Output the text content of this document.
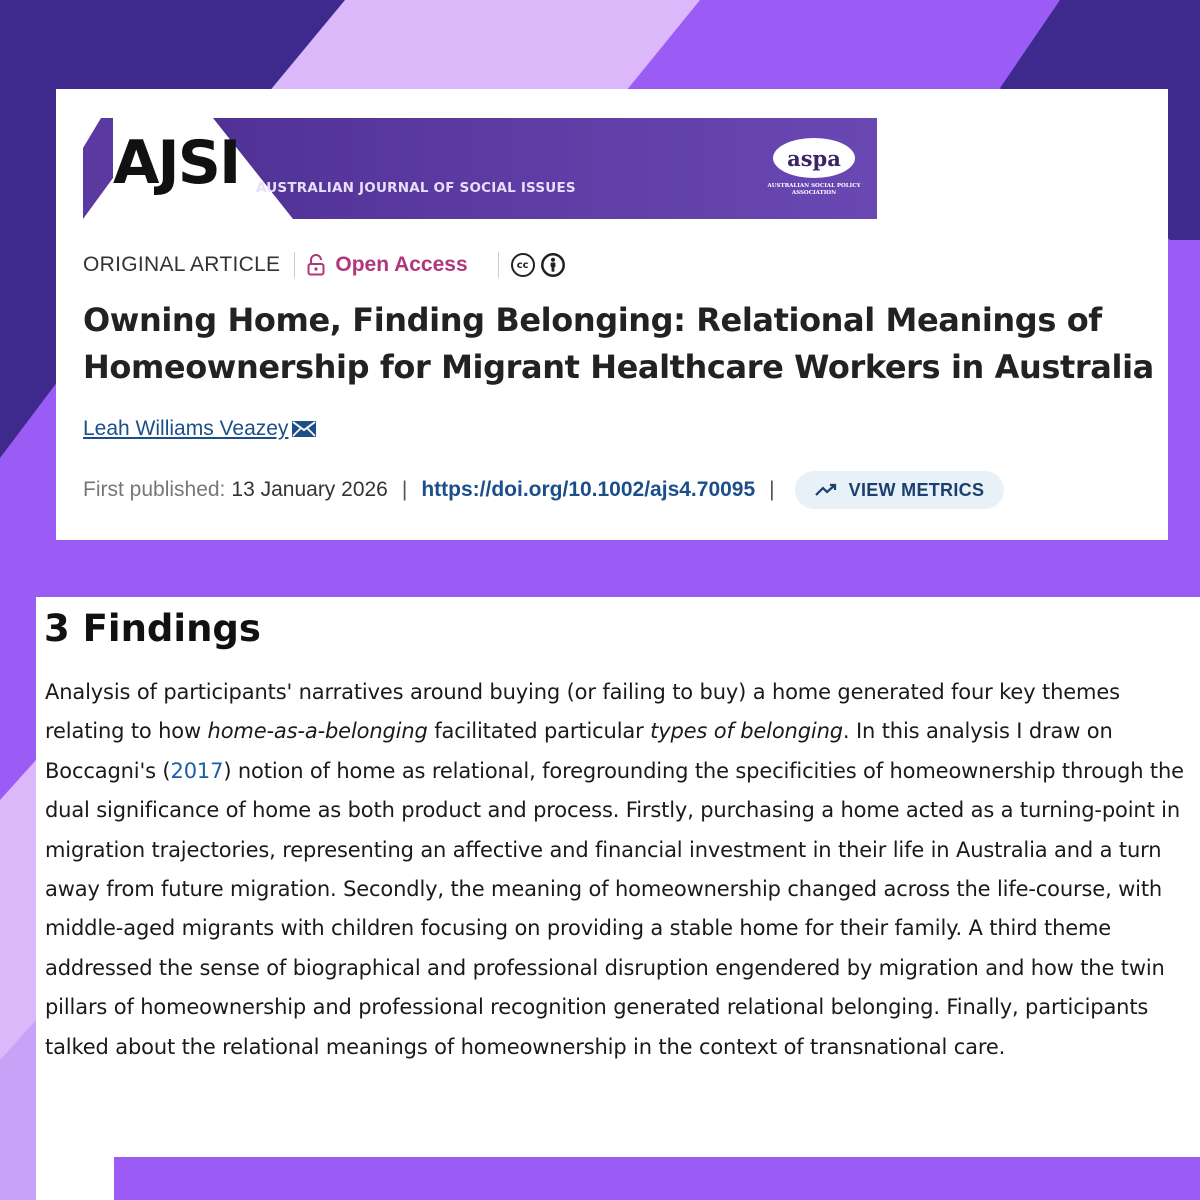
AJSI AUSTRALIAN JOURNAL OF SOCIAL ISSUES
aspa
AUSTRALIAN SOCIAL POLICY ASSOCIATION
ORIGINAL ARTICLE	Open Access	cc
Owning Home, Finding Belonging: Relational Meanings of Homeownership for Migrant Healthcare Workers in Australia
Leah Williams Veazey
First published: 13 January 2026 | https://doi.org/10.1002/ajs4.70095 |	VIEW METRICS
3 Findings

Analysis of participants' narratives around buying (or failing to buy) a home generated four key themes relating to how home-as-a-belonging facilitated particular types of belonging. In this analysis I draw on Boccagni's (2017) notion of home as relational, foregrounding the specificities of homeownership through the dual significance of home as both product and process. Firstly, purchasing a home acted as a turning-point in migration trajectories, representing an affective and financial investment in their life in Australia and a turn away from future migration. Secondly, the meaning of homeownership changed across the life-course, with middle-aged migrants with children focusing on providing a stable home for their family. A third theme addressed the sense of biographical and professional disruption engendered by migration and how the twin pillars of homeownership and professional recognition generated relational belonging. Finally, participants talked about the relational meanings of homeownership in the context of transnational care.
